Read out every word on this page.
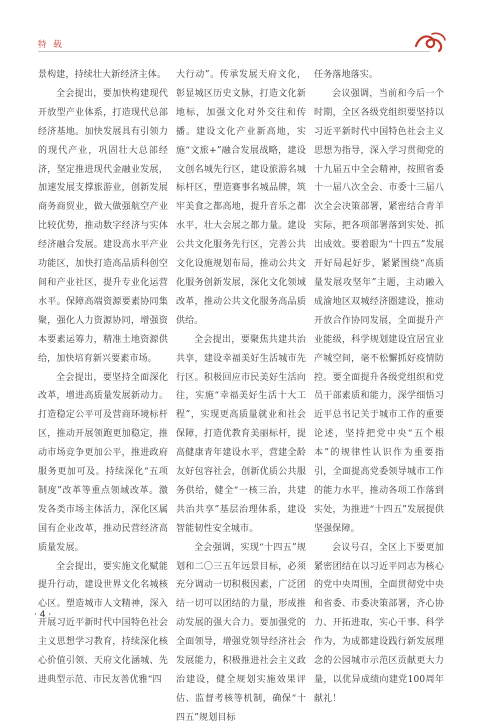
特 载

景构建，持续壮大新经济主体。

全会提出，要加快构建现代开放型产业体系，打造现代总部经济基地。加快发展具有引领力的现代产业，巩固壮大总部经济，坚定推进现代金融业发展，加速发展支撑旅游业，创新发展商务商贸业，做大做强航空产业比较优势，推动数字经济与实体经济融合发展。建设高水平产业功能区，加快打造高品质科创空间和产业社区，提升专业化运营水平。保障高端资源要素协同集聚，强化人力资源协同，增强资本要素运筹力，精准土地资源供给，加快培育新兴要素市场。

全会提出，要坚持全面深化改革，增进高质量发展新动力。打造稳定公平可及营商环境标杆区，推动开展领跑更加稳定，推动市场竞争更加公平，推进政府服务更加可及。持续深化“五项制度”改革等重点领域改革。激发各类市场主体活力，深化区属国有企业改革，推动民营经济高质量发展。

全会提出，要实施文化赋能提升行动，建设世界文化名城核心区。塑造城市人文精神，深入开展习近平新时代中国特色社会主义思想学习教育，持续深化核心价值引领、天府文化涵城、先进典型示范、市民友善优雅“四

大行动”。传承发展天府文化，彰显城区历史文脉，打造文化新地标，加强文化对外交往和传播。建设文化产业新高地，实施“文旅+”融合发展战略，建设文创名城先行区，建设旅游名城标杆区，塑造赛事名城品牌，筑牢美食之都高地，提升音乐之都水平，壮大会展之都力量。建设公共文化服务先行区，完善公共文化设施规划布局，推动公共文化服务创新发展，深化文化领域改革，推动公共文化服务高品质供给。

全会提出，要聚焦共建共治共享，建设幸福美好生活城市先行区。积极回应市民美好生活向往，实施“幸福美好生活十大工程”，实现更高质量就业和社会保障，打造优教育美丽标杆，提高健康青年建设水平，营建全龄友好包容社会，创新优质公共服务供给，健全“一核三治，共建共治共享”基层治理体系，建设智能韧性安全城市。

全会强调，实现“十四五”规划和二〇三五年远景目标，必须充分调动一切积极因素，广泛团结一切可以团结的力量，形成推动发展的强大合力。要加强党的全面领导，增强党领导经济社会发展能力，积极推进社会主义政治建设，健全规划实施效果评估、监督考核等机制，确保“十四五”规划目标

任务落地落实。

会议强调，当前和今后一个时期，全区各级党组织要坚持以习近平新时代中国特色社会主义思想为指导，深入学习贯彻党的十九届五中全会精神，按照省委十一届八次全会、市委十三届八次全会决策部署，紧密结合青羊实际，把各项部署落到实处、抓出成效。要着眼为“十四五”发展开好局起好步，紧紧围绕“高质量发展攻坚年”主题，主动融入成渝地区双城经济圈建设，推动开放合作协同发展，全面提升产业能级，科学规划建设宜居宜业产城空间，毫不松懈抓好疫情防控。要全面提升各级党组织和党员干部素质和能力，深学细悟习近平总书记关于城市工作的重要论述，坚持把党中央“五个根本”的规律性认识作为重要指引，全面提高党委领导城市工作的能力水平，推动各项工作落到实处，为推进“十四五”发展提供坚强保障。

会议号召，全区上下要更加紧密团结在以习近平同志为核心的党中央周围，全面贯彻党中央和省委、市委决策部署，齐心协力、开拓进取，实心干事、科学作为，为成都建设践行新发展理念的公园城市示范区贡献更大力量，以优异成绩向建党100周年献礼！

· 4 ·
